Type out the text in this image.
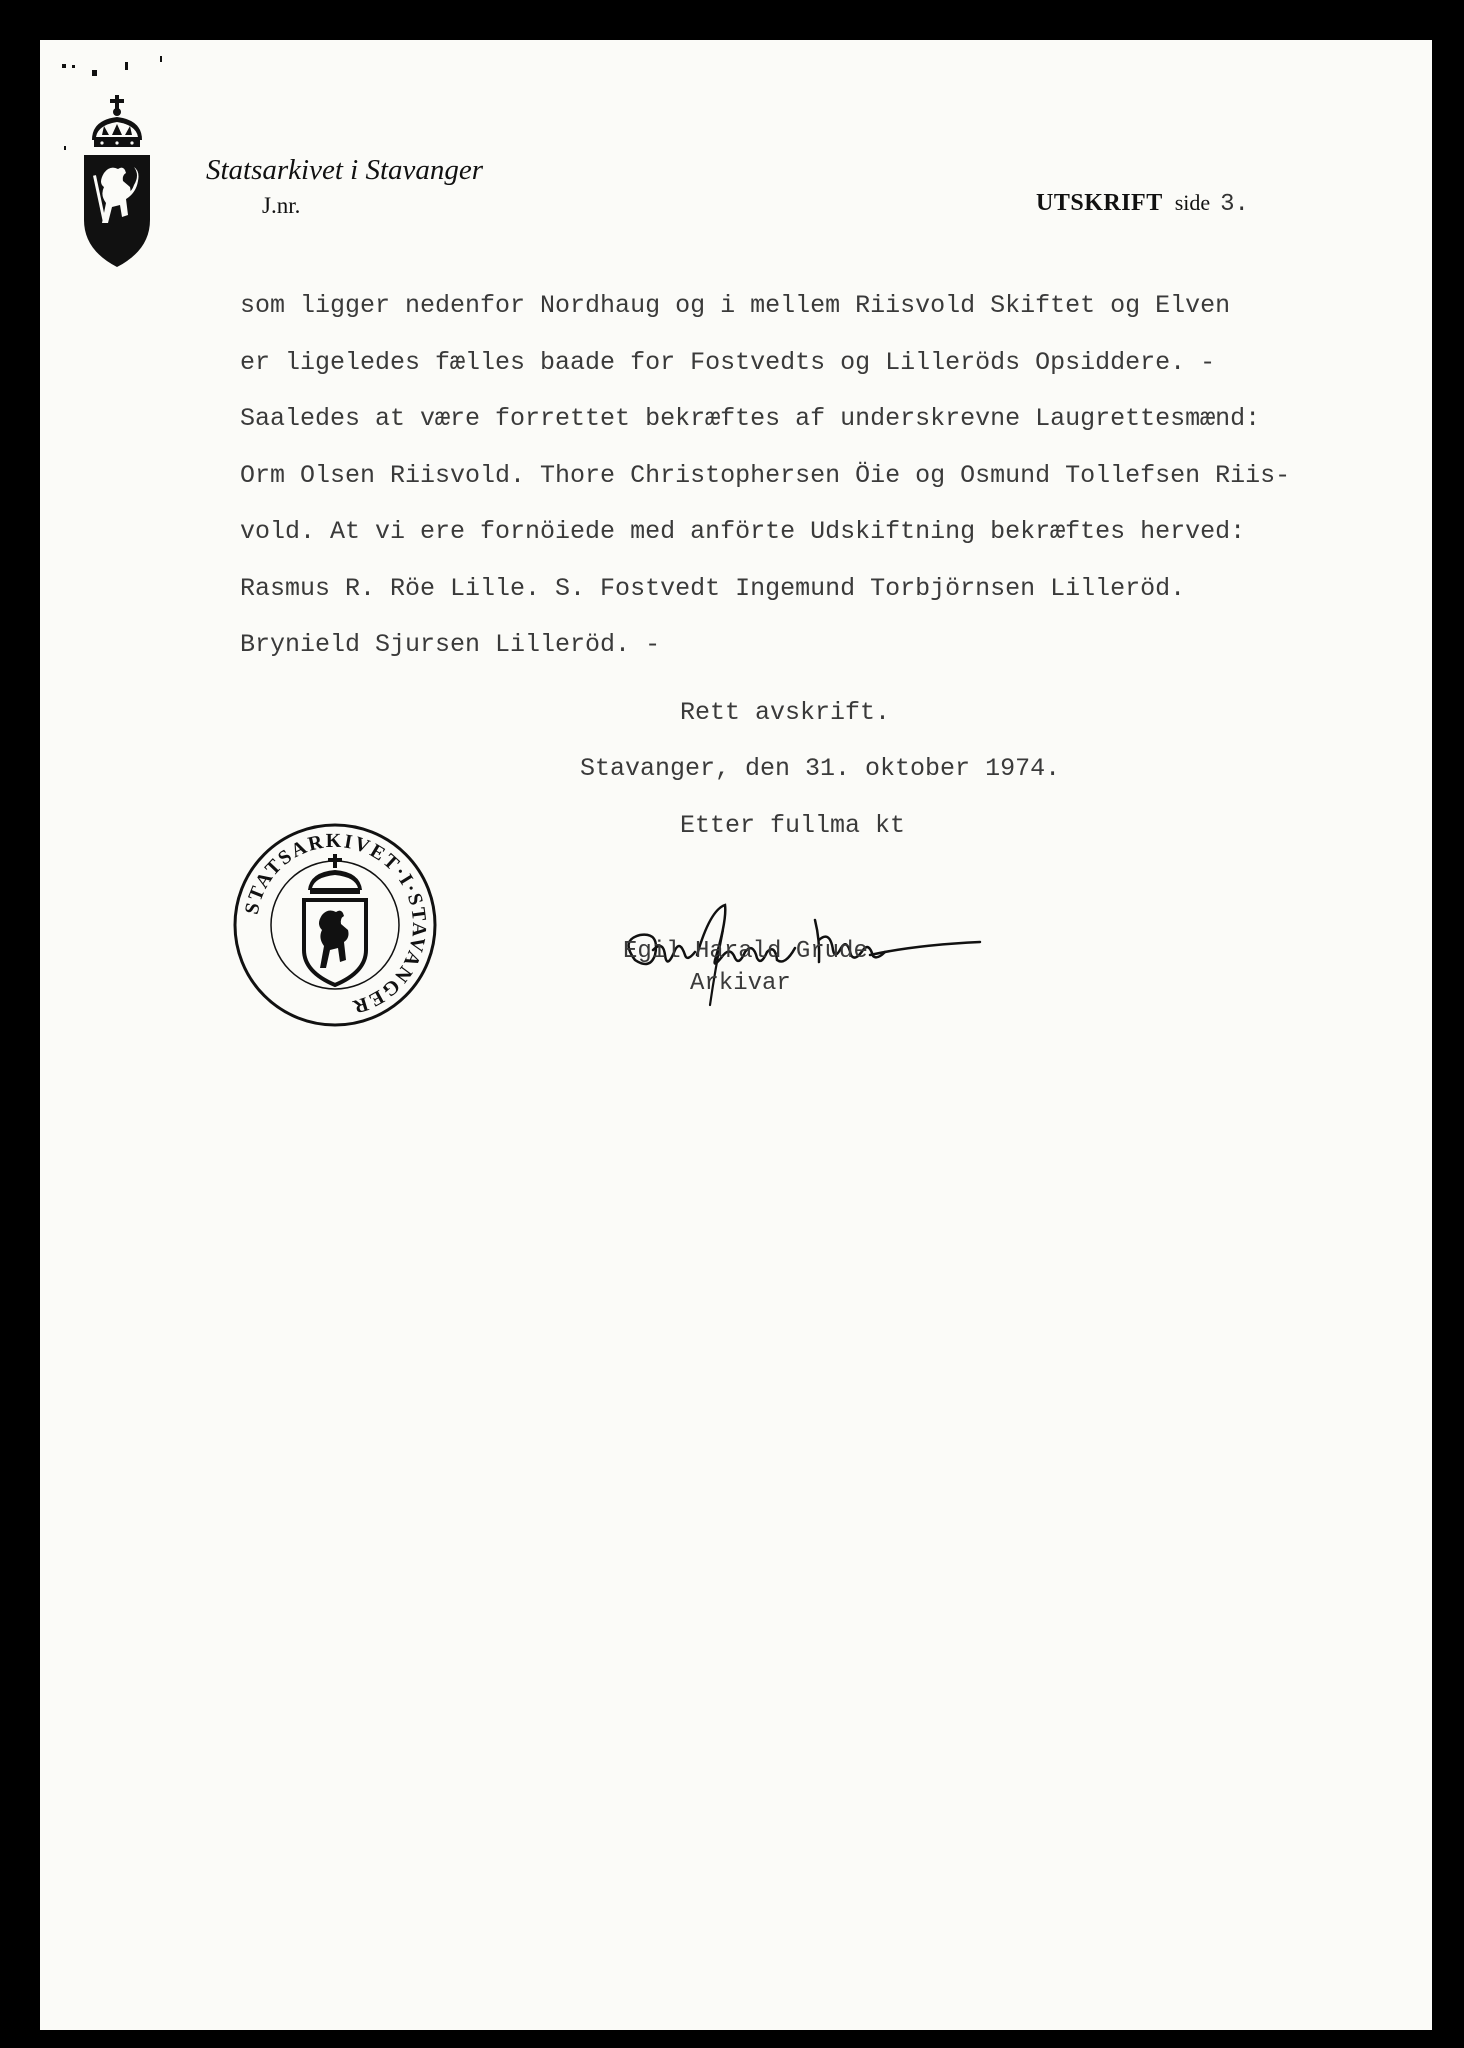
Statsarkivet i Stavanger
J.nr.	UTSKRIFT side 3.
som ligger nedenfor Nordhaug og i mellem Riisvold Skiftet og Elven
er ligeledes fælles baade for Fostvedts og Lilleröds Opsiddere. -
Saaledes at være forrettet bekræftes af underskrevne Laugrettesmænd:
Orm Olsen Riisvold. Thore Christophersen Öie og Osmund Tollefsen Riis-
vold. At vi ere fornöiede med anförte Udskiftning bekræftes herved:
Rasmus R. Röe Lille. S. Fostvedt Ingemund Torbjörnsen Lilleröd.
Brynield Sjursen Lilleröd. -
Rett avskrift.
Stavanger, den 31. oktober 1974.
Etter fullma kt
STATSARKIVET·I·STAVANGER
Egil Harald Grude
Arkivar
